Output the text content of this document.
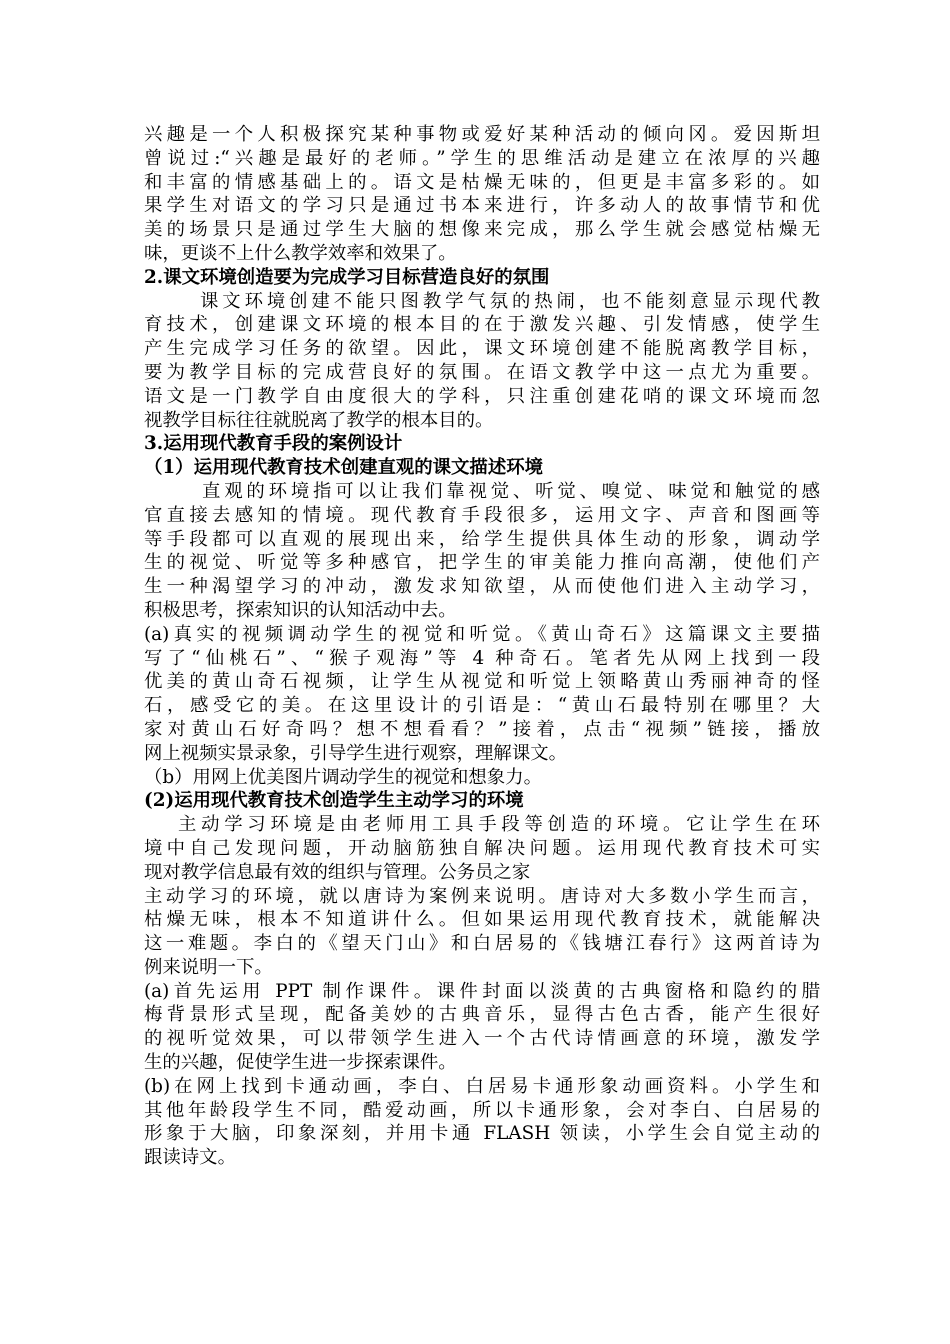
兴趣是一个人积极探究某种事物或爱好某种活动的倾向冈。爱因斯坦
曾说过:“兴趣是最好的老师。”学生的思维活动是建立在浓厚的兴趣
和丰富的情感基础上的。语文是枯燥无味的，但更是丰富多彩的。如
果学生对语文的学习只是通过书本来进行，许多动人的故事情节和优
美的场景只是通过学生大脑的想像来完成，那么学生就会感觉枯燥无
味，更谈不上什么教学效率和效果了。
2.课文环境创造要为完成学习目标营造良好的氛围
课文环境创建不能只图教学气氛的热闹，也不能刻意显示现代教
育技术，创建课文环境的根本目的在于激发兴趣、引发情感，使学生
产生完成学习任务的欲望。因此，课文环境创建不能脱离教学目标，
要为教学目标的完成营良好的氛围。在语文教学中这一点尤为重要。
语文是一门教学自由度很大的学科，只注重创建花哨的课文环境而忽
视教学目标往往就脱离了教学的根本目的。
3.运用现代教育手段的案例设计
（1）运用现代教育技术创建直观的课文描述环境
直观的环境指可以让我们靠视觉、听觉、嗅觉、味觉和触觉的感
官直接去感知的情境。现代教育手段很多，运用文字、声音和图画等
等手段都可以直观的展现出来，给学生提供具体生动的形象，调动学
生的视觉、听觉等多种感官，把学生的审美能力推向高潮，使他们产
生一种渴望学习的冲动，激发求知欲望，从而使他们进入主动学习，
积极思考，探索知识的认知活动中去。
(a)真实的视频调动学生的视觉和听觉。《黄山奇石》这篇课文主要描
写了“仙桃石”、“猴子观海”等 4 种奇石。笔者先从网上找到一段
优美的黄山奇石视频，让学生从视觉和听觉上领略黄山秀丽神奇的怪
石，感受它的美。在这里设计的引语是：“黄山石最特别在哪里？大
家对黄山石好奇吗？想不想看看？”接着，点击“视频”链接，播放
网上视频实景录象，引导学生进行观察，理解课文。
（b）用网上优美图片调动学生的视觉和想象力。
(2)运用现代教育技术创造学生主动学习的环境
主动学习环境是由老师用工具手段等创造的环境。它让学生在环
境中自己发现问题，开动脑筋独自解决问题。运用现代教育技术可实
现对教学信息最有效的组织与管理。公务员之家
主动学习的环境，就以唐诗为案例来说明。唐诗对大多数小学生而言，
枯燥无味，根本不知道讲什么。但如果运用现代教育技术，就能解决
这一难题。李白的《望天门山》和白居易的《钱塘江春行》这两首诗为
例来说明一下。
(a)首先运用 PPT 制作课件。课件封面以淡黄的古典窗格和隐约的腊
梅背景形式呈现，配备美妙的古典音乐，显得古色古香，能产生很好
的视听觉效果，可以带领学生进入一个古代诗情画意的环境，激发学
生的兴趣，促使学生进一步探索课件。
(b)在网上找到卡通动画，李白、白居易卡通形象动画资料。小学生和
其他年龄段学生不同，酷爱动画，所以卡通形象，会对李白、白居易的
形象于大脑，印象深刻，并用卡通 FLASH 领读，小学生会自觉主动的
跟读诗文。
